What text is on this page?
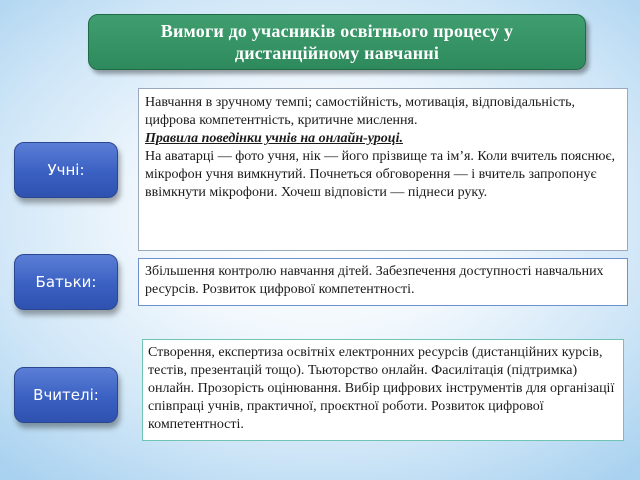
Вимоги до учасників освітнього процесу у
дистанційному навчанні
Учні:
Навчання в зручному темпі; самостійність, мотивація, відповідальність, цифрова компетентність, критичне мислення.
Правила поведінки учнів на онлайн-уроці.
На аватарці — фото учня, нік — його прізвище та ім’я. Коли вчитель пояснює, мікрофон учня вимкнутий. Почнеться обговорення — і вчитель запропонує ввімкнути мікрофони. Хочеш відповісти — піднеси руку.
Батьки:
Збільшення контролю навчання дітей. Забезпечення доступності навчальних ресурсів. Розвиток цифрової компетентності.
Вчителі:
Створення, експертиза освітніх електронних ресурсів (дистанційних курсів, тестів, презентацій тощо). Тьюторство онлайн. Фасилітація (підтримка) онлайн. Прозорість оцінювання. Вибір цифрових інструментів для організації співпраці учнів, практичної, проєктної роботи. Розвиток цифрової компетентності.
